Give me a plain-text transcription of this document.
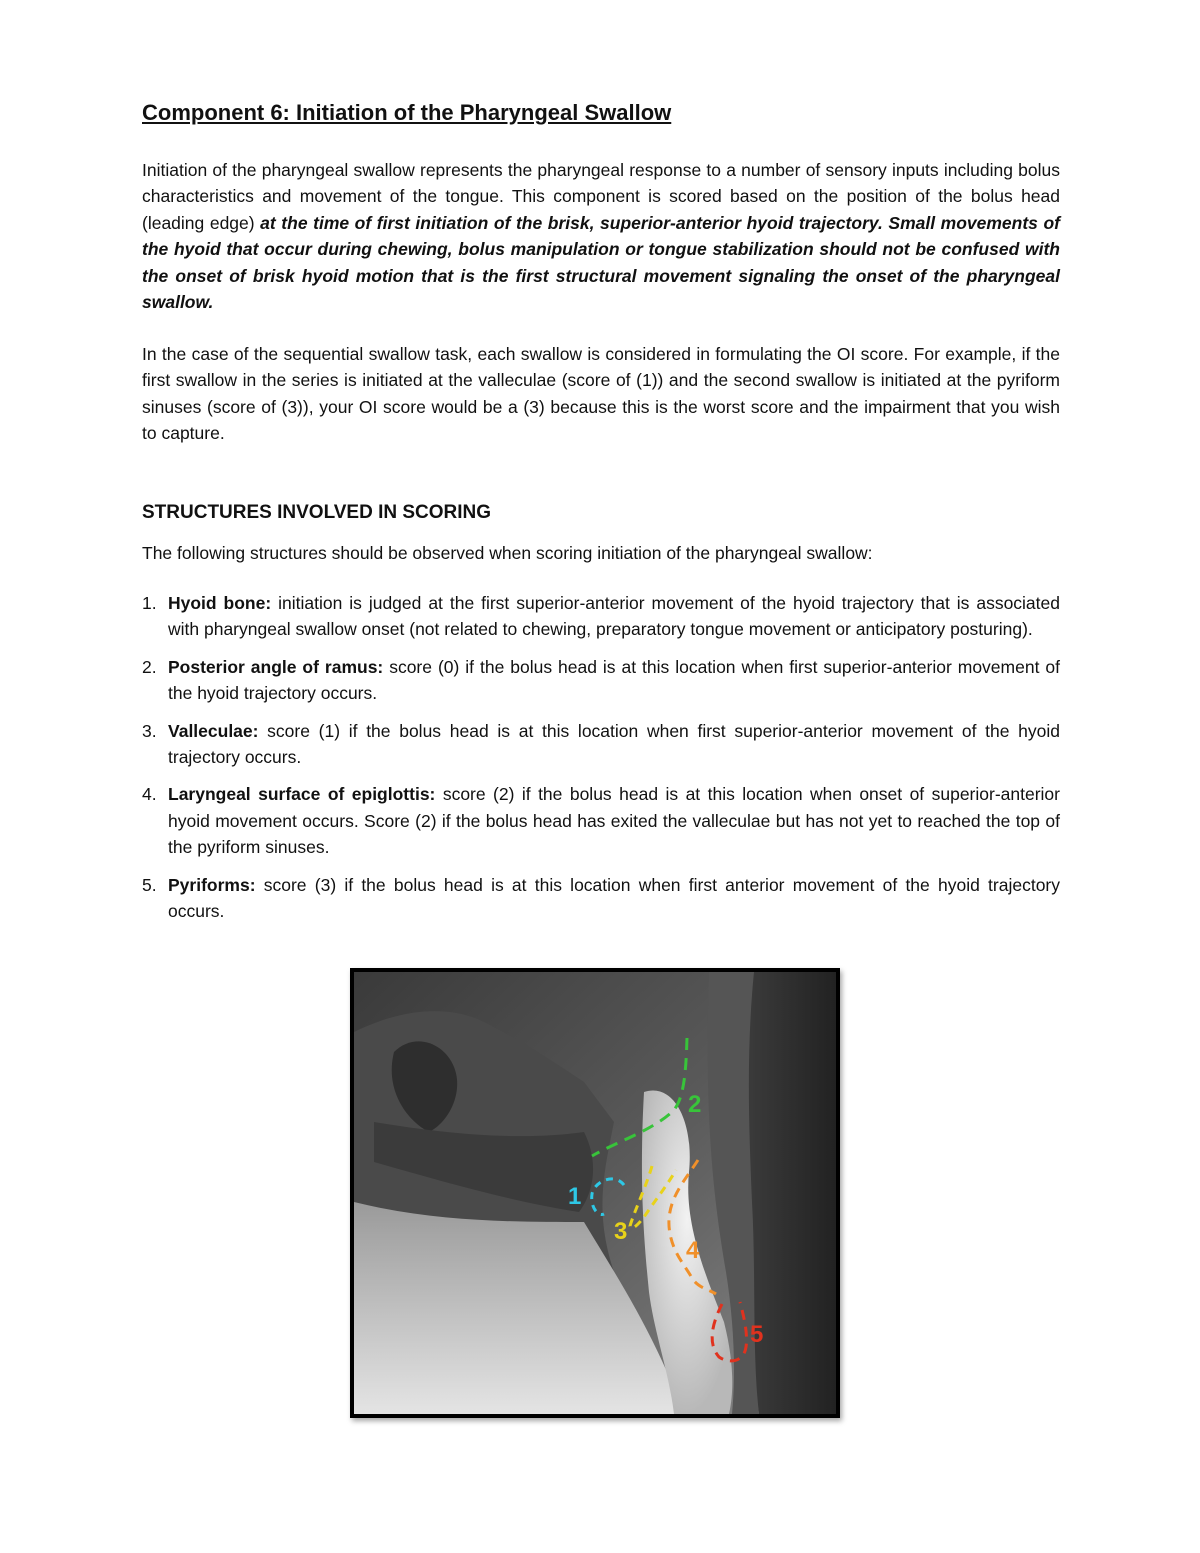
Component 6: Initiation of the Pharyngeal Swallow

Initiation of the pharyngeal swallow represents the pharyngeal response to a number of sensory inputs including bolus characteristics and movement of the tongue. This component is scored based on the position of the bolus head (leading edge) at the time of first initiation of the brisk, superior-anterior hyoid trajectory. Small movements of the hyoid that occur during chewing, bolus manipulation or tongue stabilization should not be confused with the onset of brisk hyoid motion that is the first structural movement signaling the onset of the pharyngeal swallow.

In the case of the sequential swallow task, each swallow is considered in formulating the OI score. For example, if the first swallow in the series is initiated at the valleculae (score of (1)) and the second swallow is initiated at the pyriform sinuses (score of (3)), your OI score would be a (3) because this is the worst score and the impairment that you wish to capture.

STRUCTURES INVOLVED IN SCORING

The following structures should be observed when scoring initiation of the pharyngeal swallow:

1. Hyoid bone: initiation is judged at the first superior-anterior movement of the hyoid trajectory that is associated with pharyngeal swallow onset (not related to chewing, preparatory tongue movement or anticipatory posturing).
2. Posterior angle of ramus: score (0) if the bolus head is at this location when first superior-anterior movement of the hyoid trajectory occurs.
3. Valleculae: score (1) if the bolus head is at this location when first superior-anterior movement of the hyoid trajectory occurs.
4. Laryngeal surface of epiglottis: score (2) if the bolus head is at this location when onset of superior-anterior hyoid movement occurs. Score (2) if the bolus head has exited the valleculae but has not yet to reached the top of the pyriform sinuses.
5. Pyriforms: score (3) if the bolus head is at this location when first anterior movement of the hyoid trajectory occurs.
1
2
3
4
5
